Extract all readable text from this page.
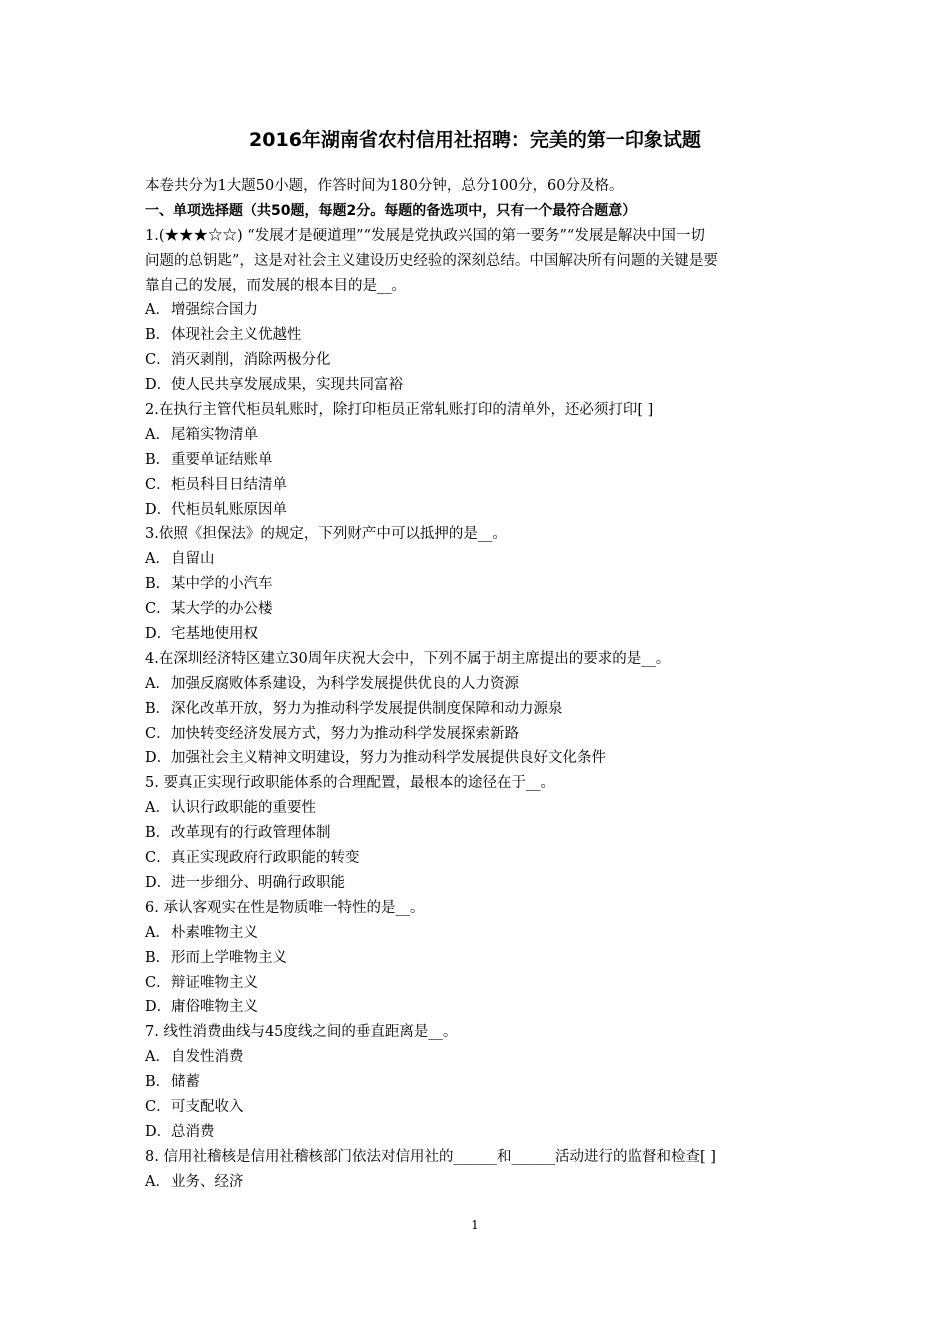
2016年湖南省农村信用社招聘：完美的第一印象试题
本卷共分为1大题50小题，作答时间为180分钟，总分100分，60分及格。
一、单项选择题（共50题，每题2分。每题的备选项中，只有一个最符合题意）
1.(★★★☆☆) “发展才是硬道理”“发展是党执政兴国的第一要务”“发展是解决中国一切
问题的总钥匙”，这是对社会主义建设历史经验的深刻总结。中国解决所有问题的关键是要
靠自己的发展，而发展的根本目的是__。
A．增强综合国力
B．体现社会主义优越性
C．消灭剥削，消除两极分化
D．使人民共享发展成果，实现共同富裕
2.在执行主管代柜员轧账时，除打印柜员正常轧账打印的清单外，还必须打印[ ]
A．尾箱实物清单
B．重要单证结账单
C．柜员科目日结清单
D．代柜员轧账原因单
3.依照《担保法》的规定，下列财产中可以抵押的是__。
A．自留山
B．某中学的小汽车
C．某大学的办公楼
D．宅基地使用权
4.在深圳经济特区建立30周年庆祝大会中，下列不属于胡主席提出的要求的是__。
A．加强反腐败体系建设，为科学发展提供优良的人力资源
B．深化改革开放，努力为推动科学发展提供制度保障和动力源泉
C．加快转变经济发展方式，努力为推动科学发展探索新路
D．加强社会主义精神文明建设，努力为推动科学发展提供良好文化条件
5. 要真正实现行政职能体系的合理配置，最根本的途径在于__。
A．认识行政职能的重要性
B．改革现有的行政管理体制
C．真正实现政府行政职能的转变
D．进一步细分、明确行政职能
6. 承认客观实在性是物质唯一特性的是__。
A．朴素唯物主义
B．形而上学唯物主义
C．辩证唯物主义
D．庸俗唯物主义
7. 线性消费曲线与45度线之间的垂直距离是__。
A．自发性消费
B．储蓄
C．可支配收入
D．总消费
8. 信用社稽核是信用社稽核部门依法对信用社的______和______活动进行的监督和检查[ ]
A．业务、经济
1
